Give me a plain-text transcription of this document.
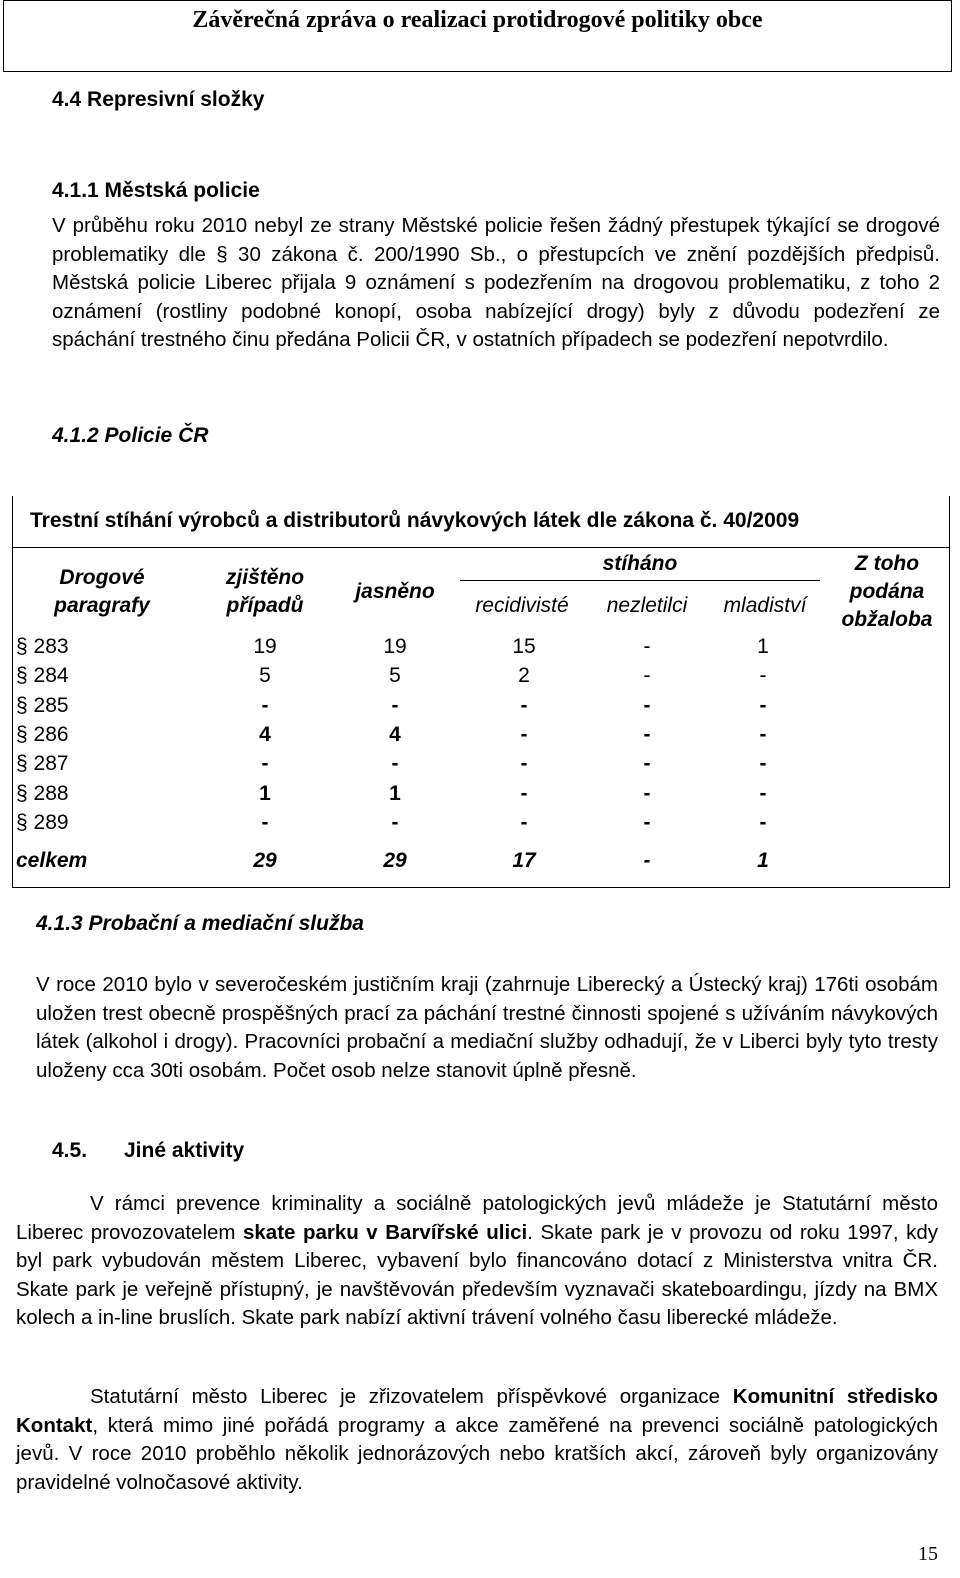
Závěrečná zpráva o realizaci protidrogové politiky obce
4.4 Represivní složky
4.1.1 Městská policie

V průběhu roku 2010 nebyl ze strany Městské policie řešen žádný přestupek týkající se drogové problematiky dle § 30 zákona č. 200/1990 Sb., o přestupcích ve znění pozdějších předpisů. Městská policie Liberec přijala 9 oznámení s podezřením na drogovou problematiku, z toho 2 oznámení (rostliny podobné konopí, osoba nabízející drogy) byly z důvodu podezření ze spáchání trestného činu předána Policii ČR, v ostatních případech se podezření nepotvrdilo.

4.1.2 Policie ČR
Trestní stíhání výrobců a distributorů návykových látek dle zákona č. 40/2009
Drogové paragrafy
zjištěno případů
jasněno
stíháno
recidivisté	nezletilci	mladiství
Z toho podána obžaloba
§ 283	19	19	15	-	1
§ 284	5	5	2	-	-
§ 285	-	-	-	-	-
§ 286	4	4	-	-	-
§ 287	-	-	-	-	-
§ 288	1	1	-	-	-
§ 289	-	-	-	-	-
celkem	29	29	17	-	1
4.1.3 Probační a mediační služba

V roce 2010 bylo v severočeském justičním kraji (zahrnuje Liberecký a Ústecký kraj) 176ti osobám uložen trest obecně prospěšných prací za páchání trestné činnosti spojené s užíváním návykových látek (alkohol i drogy). Pracovníci probační a mediační služby odhadují, že v Liberci byly tyto tresty uloženy cca 30ti osobám. Počet osob nelze stanovit úplně přesně.

4.5. Jiné aktivity

V rámci prevence kriminality a sociálně patologických jevů mládeže je Statutární město Liberec provozovatelem skate parku v Barvířské ulici. Skate park je v provozu od roku 1997, kdy byl park vybudován městem Liberec, vybavení bylo financováno dotací z Ministerstva vnitra ČR. Skate park je veřejně přístupný, je navštěvován především vyznavači skateboardingu, jízdy na BMX kolech a in-line bruslích. Skate park nabízí aktivní trávení volného času liberecké mládeže.

Statutární město Liberec je zřizovatelem příspěvkové organizace Komunitní středisko Kontakt, která mimo jiné pořádá programy a akce zaměřené na prevenci sociálně patologických jevů. V roce 2010 proběhlo několik jednorázových nebo kratších akcí, zároveň byly organizovány pravidelné volnočasové aktivity.

15
